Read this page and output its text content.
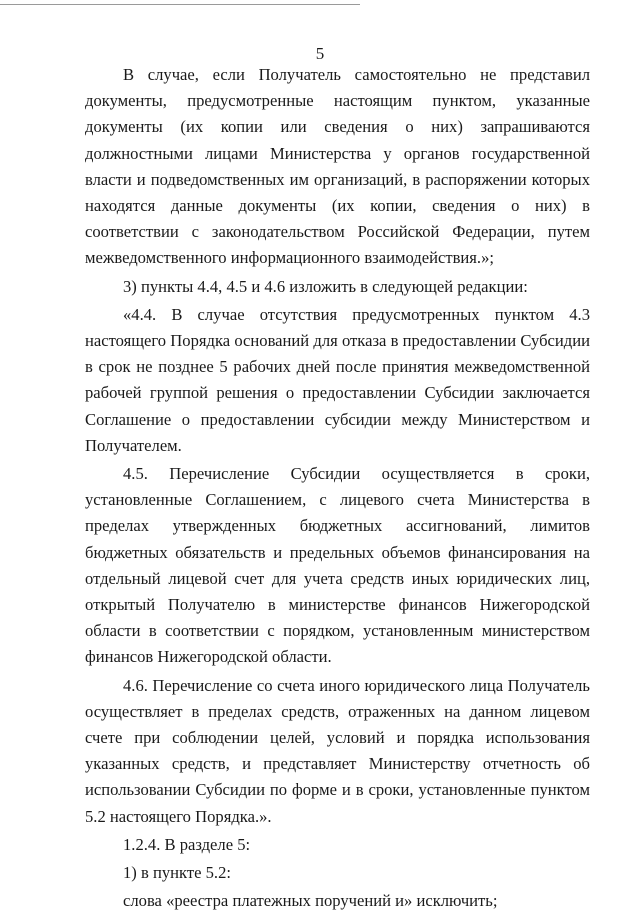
5

В случае, если Получатель самостоятельно не представил документы, предусмотренные настоящим пунктом, указанные документы (их копии или сведения о них) запрашиваются должностными лицами Министерства у органов государственной власти и подведомственных им организаций, в распоряжении которых находятся данные документы (их копии, сведения о них) в соответствии с законодательством Российской Федерации, путем межведомственного информационного взаимодействия.»;

3) пункты 4.4, 4.5 и 4.6 изложить в следующей редакции:

«4.4. В случае отсутствия предусмотренных пунктом 4.3 настоящего Порядка оснований для отказа в предоставлении Субсидии в срок не позднее 5 рабочих дней после принятия межведомственной рабочей группой решения о предоставлении Субсидии заключается Соглашение о предоставлении субсидии между Министерством и Получателем.

4.5. Перечисление Субсидии осуществляется в сроки, установленные Соглашением, с лицевого счета Министерства в пределах утвержденных бюджетных ассигнований, лимитов бюджетных обязательств и предельных объемов финансирования на отдельный лицевой счет для учета средств иных юридических лиц, открытый Получателю в министерстве финансов Нижегородской области в соответствии с порядком, установленным министерством финансов Нижегородской области.

4.6. Перечисление со счета иного юридического лица Получатель осуществляет в пределах средств, отраженных на данном лицевом счете при соблюдении целей, условий и порядка использования указанных средств, и представляет Министерству отчетность об использовании Субсидии по форме и в сроки, установленные пунктом 5.2 настоящего Порядка.».

1.2.4. В разделе 5:

1) в пункте 5.2:

слова «реестра платежных поручений и» исключить;
